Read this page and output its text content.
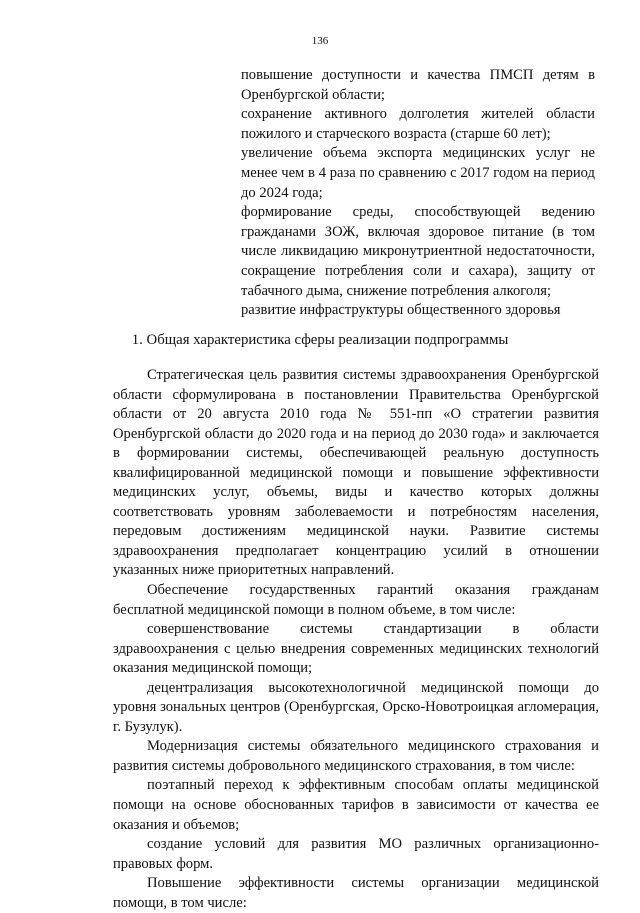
136

повышение доступности и качества ПМСП детям в Оренбургской области;

сохранение активного долголетия жителей области пожилого и старческого возраста (старше 60 лет);

увеличение объема экспорта медицинских услуг не менее чем в 4 раза по сравнению с 2017 годом на период до 2024 года;

формирование среды, способствующей ведению гражданами ЗОЖ, включая здоровое питание (в том числе ликвидацию микронутриентной недостаточности, сокращение потребления соли и сахара), защиту от табачного дыма, снижение потребления алкоголя;

развитие инфраструктуры общественного здоровья

1. Общая характеристика сферы реализации подпрограммы

Стратегическая цель развития системы здравоохранения Оренбургской области сформулирована в постановлении Правительства Оренбургской области от 20 августа 2010 года № 551-пп «О стратегии развития Оренбургской области до 2020 года и на период до 2030 года» и заключается в формировании системы, обеспечивающей реальную доступность квалифицированной медицинской помощи и повышение эффективности медицинских услуг, объемы, виды и качество которых должны соответствовать уровням заболеваемости и потребностям населения, передовым достижениям медицинской науки. Развитие системы здравоохранения предполагает концентрацию усилий в отношении указанных ниже приоритетных направлений.

Обеспечение государственных гарантий оказания гражданам бесплатной медицинской помощи в полном объеме, в том числе:

совершенствование системы стандартизации в области здравоохранения с целью внедрения современных медицинских технологий оказания медицинской помощи;

децентрализация высокотехнологичной медицинской помощи до уровня зональных центров (Оренбургская, Орско-Новотроицкая агломерация, г. Бузулук).

Модернизация системы обязательного медицинского страхования и развития системы добровольного медицинского страхования, в том числе:

поэтапный переход к эффективным способам оплаты медицинской помощи на основе обоснованных тарифов в зависимости от качества ее оказания и объемов;

создание условий для развития МО различных организационно-правовых форм.

Повышение эффективности системы организации медицинской помощи, в том числе:
